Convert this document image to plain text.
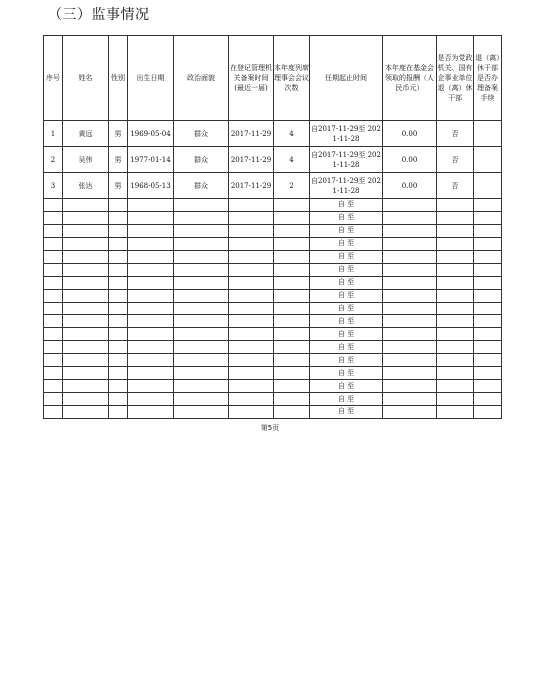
（三）监事情况
序号	姓名	性别	出生日期	政治面貌	在登记管理机关备案时间(最近一届)	本年度列席理事会会议次数	任期起止时间	本年度在基金会领取的报酬（人民币元）	是否为党政机关、国有企事业单位退（离）休干部	退（离）休干部是否办理备案手续
1	黄远	男	1969-05-04	群众	2017-11-29	4	自2017-11-29至 2021-11-28	0.00	否	
2	吴伟	男	1977-01-14	群众	2017-11-29	4	自2017-11-29至 2021-11-28	0.00	否	
3	张达	男	1968-05-13	群众	2017-11-29	2	自2017-11-29至 2021-11-28	0.00	否	
							自 至			
							自 至			
							自 至			
							自 至			
							自 至			
							自 至			
							自 至			
							自 至			
							自 至			
							自 至			
							自 至			
							自 至			
							自 至			
							自 至			
							自 至			
							自 至			
							自 至			
第5页
